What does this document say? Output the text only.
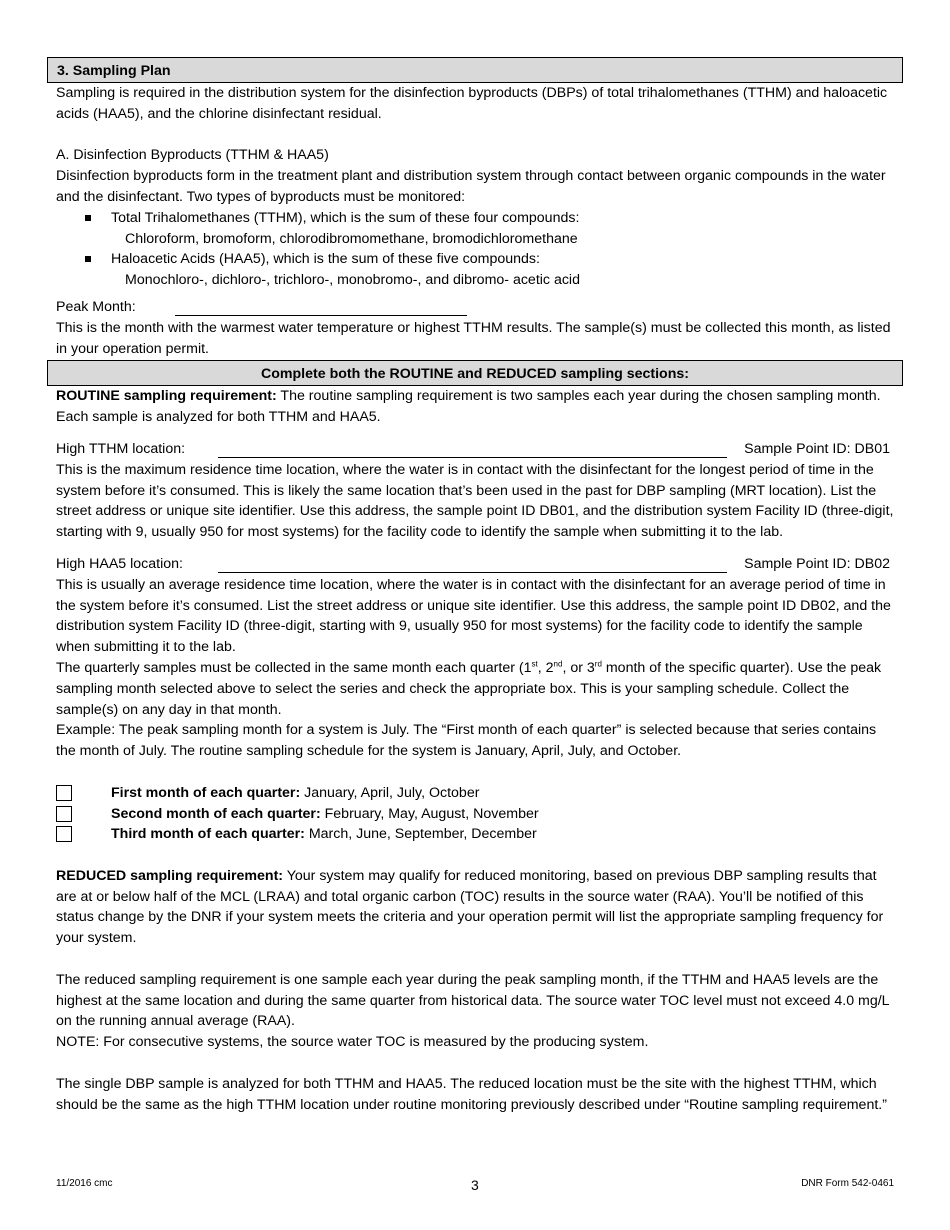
3. Sampling Plan
Sampling is required in the distribution system for the disinfection byproducts (DBPs) of total trihalomethanes (TTHM) and haloacetic acids (HAA5), and the chlorine disinfectant residual.
A. Disinfection Byproducts (TTHM & HAA5)
Disinfection byproducts form in the treatment plant and distribution system through contact between organic compounds in the water and the disinfectant. Two types of byproducts must be monitored:
Total Trihalomethanes (TTHM), which is the sum of these four compounds:
Chloroform, bromoform, chlorodibromomethane, bromodichloromethane
Haloacetic Acids (HAA5), which is the sum of these five compounds:
Monochloro-, dichloro-, trichloro-, monobromo-, and dibromo- acetic acid
Peak Month:
This is the month with the warmest water temperature or highest TTHM results. The sample(s) must be collected this month, as listed in your operation permit.
Complete both the ROUTINE and REDUCED sampling sections:
ROUTINE sampling requirement: The routine sampling requirement is two samples each year during the chosen sampling month. Each sample is analyzed for both TTHM and HAA5.
High TTHM location:	Sample Point ID: DB01
This is the maximum residence time location, where the water is in contact with the disinfectant for the longest period of time in the system before it’s consumed. This is likely the same location that’s been used in the past for DBP sampling (MRT location). List the street address or unique site identifier. Use this address, the sample point ID DB01, and the distribution system Facility ID (three-digit, starting with 9, usually 950 for most systems) for the facility code to identify the sample when submitting it to the lab.
High HAA5 location:	Sample Point ID: DB02
This is usually an average residence time location, where the water is in contact with the disinfectant for an average period of time in the system before it’s consumed. List the street address or unique site identifier. Use this address, the sample point ID DB02, and the distribution system Facility ID (three-digit, starting with 9, usually 950 for most systems) for the facility code to identify the sample when submitting it to the lab.
The quarterly samples must be collected in the same month each quarter (1st, 2nd, or 3rd month of the specific quarter). Use the peak sampling month selected above to select the series and check the appropriate box. This is your sampling schedule. Collect the sample(s) on any day in that month.
Example: The peak sampling month for a system is July. The “First month of each quarter” is selected because that series contains the month of July. The routine sampling schedule for the system is January, April, July, and October.
First month of each quarter: January, April, July, October
Second month of each quarter: February, May, August, November
Third month of each quarter: March, June, September, December
REDUCED sampling requirement: Your system may qualify for reduced monitoring, based on previous DBP sampling results that are at or below half of the MCL (LRAA) and total organic carbon (TOC) results in the source water (RAA). You’ll be notified of this status change by the DNR if your system meets the criteria and your operation permit will list the appropriate sampling frequency for your system.
The reduced sampling requirement is one sample each year during the peak sampling month, if the TTHM and HAA5 levels are the highest at the same location and during the same quarter from historical data. The source water TOC level must not exceed 4.0 mg/L on the running annual average (RAA).
NOTE: For consecutive systems, the source water TOC is measured by the producing system.
The single DBP sample is analyzed for both TTHM and HAA5. The reduced location must be the site with the highest TTHM, which should be the same as the high TTHM location under routine monitoring previously described under “Routine sampling requirement.”
11/2016 cmc	3	DNR Form 542-0461
